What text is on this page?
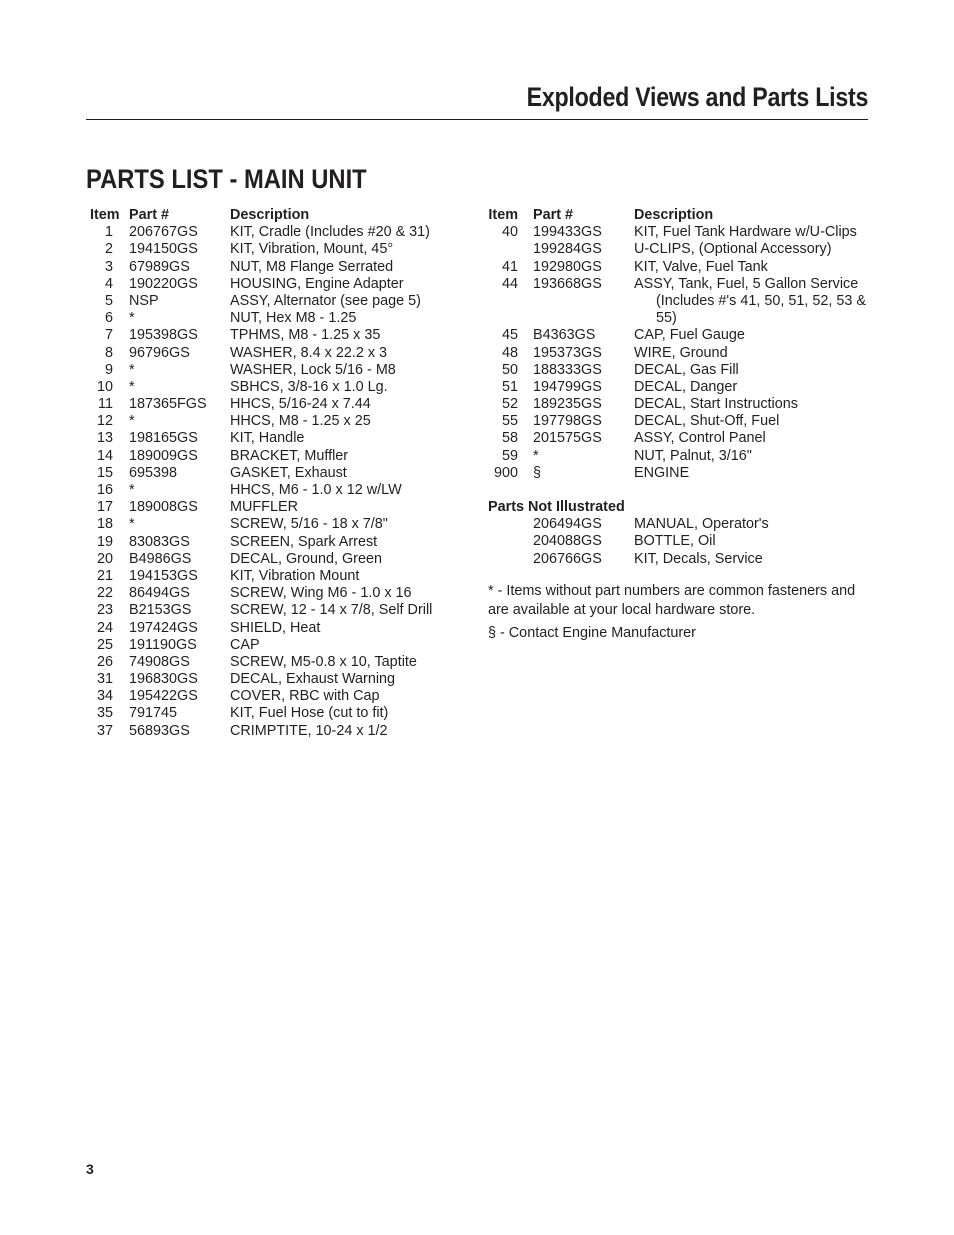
Exploded Views and Parts Lists
PARTS LIST - MAIN UNIT
Item Part #	Description
1 206767GS KIT, Cradle (Includes #20 & 31)
2 194150GS KIT, Vibration, Mount, 45°
3 67989GS	NUT, M8 Flange Serrated
4 190220GS HOUSING, Engine Adapter
5 NSP	ASSY, Alternator (see page 5)
6 *	NUT, Hex M8 - 1.25
7 195398GS TPHMS, M8 - 1.25 x 35
8 96796GS	WASHER, 8.4 x 22.2 x 3
9 *	WASHER, Lock 5/16 - M8
10 *	SBHCS, 3/8-16 x 1.0 Lg.
11 187365FGS HHCS, 5/16-24 x 7.44
12 *	HHCS, M8 - 1.25 x 25
13 198165GS KIT, Handle
14 189009GS BRACKET, Muffler
15 695398	GASKET, Exhaust
16 *	HHCS, M6 - 1.0 x 12 w/LW
17 189008GS MUFFLER
18 *	SCREW, 5/16 - 18 x 7/8"
19 83083GS	SCREEN, Spark Arrest
20 B4986GS	DECAL, Ground, Green
21 194153GS KIT, Vibration Mount
22 86494GS	SCREW, Wing M6 - 1.0 x 16
23 B2153GS	SCREW, 12 - 14 x 7/8, Self Drill
24 197424GS SHIELD, Heat
25 191190GS CAP
26 74908GS	SCREW, M5-0.8 x 10, Taptite
31 196830GS DECAL, Exhaust Warning
34 195422GS COVER, RBC with Cap
35 791745	KIT, Fuel Hose (cut to fit)
37 56893GS	CRIMPTITE, 10-24 x 1/2
Item Part #	Description
40 199433GS KIT, Fuel Tank Hardware w/U-Clips
199284GS U-CLIPS, (Optional Accessory)
41 192980GS KIT, Valve, Fuel Tank
44 193668GS ASSY, Tank, Fuel, 5 Gallon Service
(Includes #'s 41, 50, 51, 52, 53 &
55)
45 B4363GS	CAP, Fuel Gauge
48 195373GS WIRE, Ground
50 188333GS DECAL, Gas Fill
51 194799GS DECAL, Danger
52 189235GS DECAL, Start Instructions
55 197798GS DECAL, Shut-Off, Fuel
58 201575GS ASSY, Control Panel
59 *	NUT, Palnut, 3/16"
900 §	ENGINE
Parts Not Illustrated
206494GS MANUAL, Operator's
204088GS BOTTLE, Oil
206766GS KIT, Decals, Service
* - Items without part numbers are common fasteners and are available at your local hardware store.
§ - Contact Engine Manufacturer
3
